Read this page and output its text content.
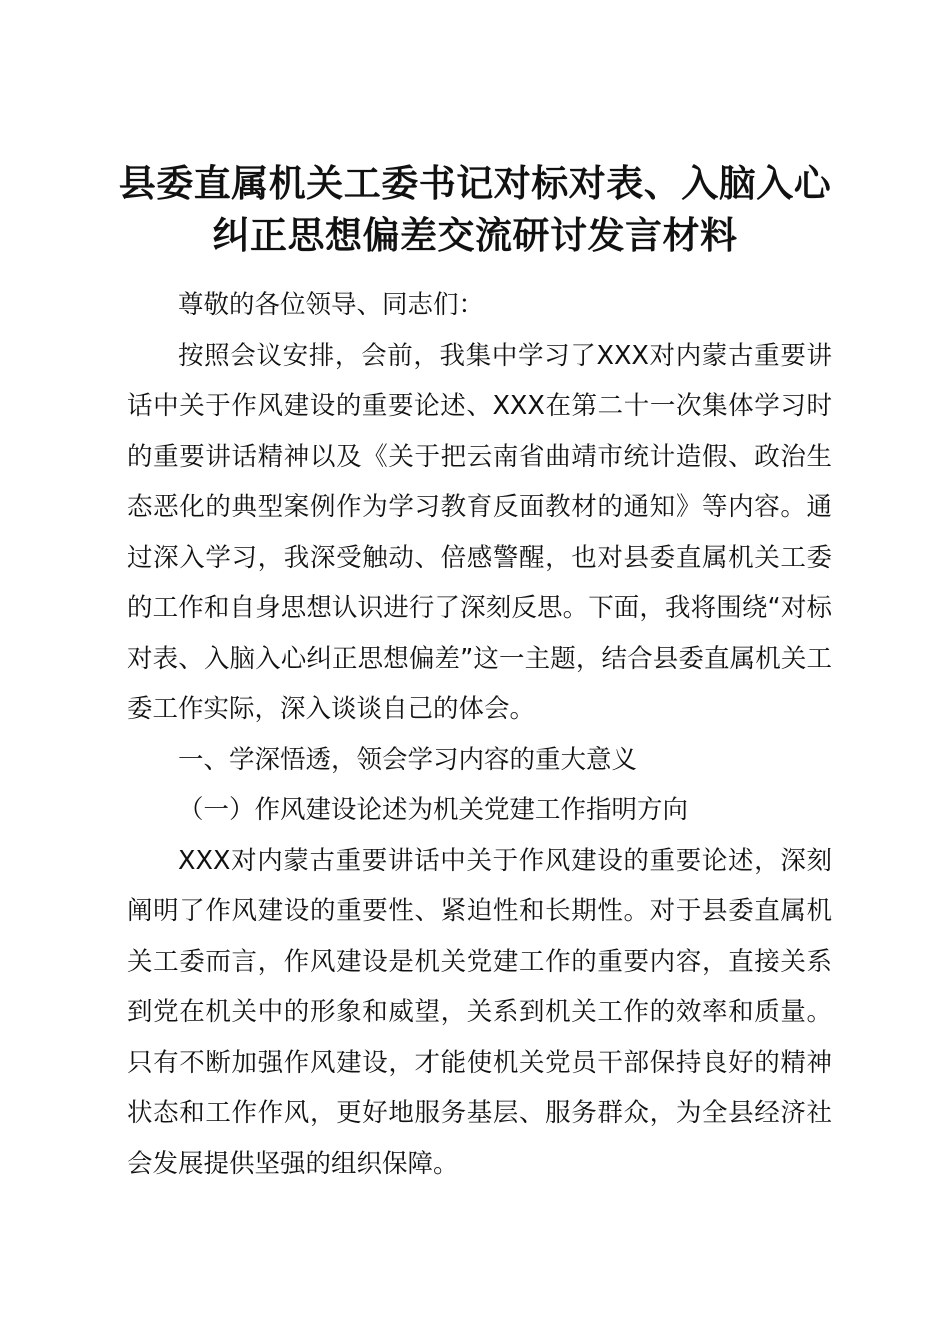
县委直属机关工委书记对标对表、入脑入心纠正思想偏差交流研讨发言材料

尊敬的各位领导、同志们：

按照会议安排，会前，我集中学习了XXX对内蒙古重要讲话中关于作风建设的重要论述、XXX在第二十一次集体学习时的重要讲话精神以及《关于把云南省曲靖市统计造假、政治生态恶化的典型案例作为学习教育反面教材的通知》等内容。通过深入学习，我深受触动、倍感警醒，也对县委直属机关工委的工作和自身思想认识进行了深刻反思。下面，我将围绕“对标对表、入脑入心纠正思想偏差”这一主题，结合县委直属机关工委工作实际，深入谈谈自己的体会。

一、学深悟透，领会学习内容的重大意义

（一）作风建设论述为机关党建工作指明方向

XXX对内蒙古重要讲话中关于作风建设的重要论述，深刻阐明了作风建设的重要性、紧迫性和长期性。对于县委直属机关工委而言，作风建设是机关党建工作的重要内容，直接关系到党在机关中的形象和威望，关系到机关工作的效率和质量。只有不断加强作风建设，才能使机关党员干部保持良好的精神状态和工作作风，更好地服务基层、服务群众，为全县经济社会发展提供坚强的组织保障。
